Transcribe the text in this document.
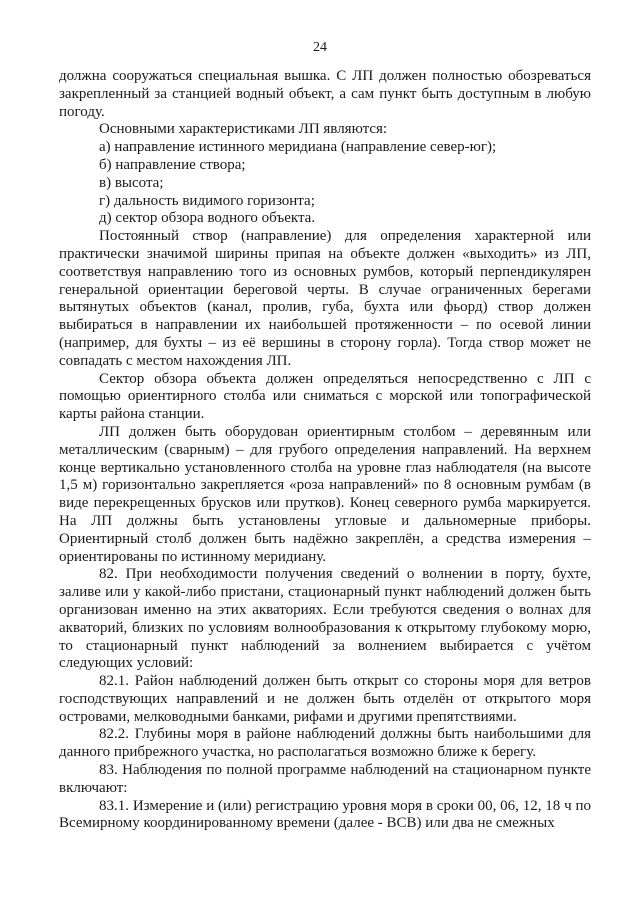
24

должна сооружаться специальная вышка. С ЛП должен полностью обозреваться закрепленный за станцией водный объект, а сам пункт быть доступным в любую погоду.

Основными характеристиками ЛП являются:

а) направление истинного меридиана (направление север-юг);

б) направление створа;

в) высота;

г) дальность видимого горизонта;

д) сектор обзора водного объекта.

Постоянный створ (направление) для определения характерной или практически значимой ширины припая на объекте должен «выходить» из ЛП, соответствуя направлению того из основных румбов, который перпендикулярен генеральной ориентации береговой черты. В случае ограниченных берегами вытянутых объектов (канал, пролив, губа, бухта или фьорд) створ должен выбираться в направлении их наибольшей протяженности – по осевой линии (например, для бухты – из её вершины в сторону горла). Тогда створ может не совпадать с местом нахождения ЛП.

Сектор обзора объекта должен определяться непосредственно с ЛП с помощью ориентирного столба или сниматься с морской или топографической карты района станции.

ЛП должен быть оборудован ориентирным столбом – деревянным или металлическим (сварным) – для грубого определения направлений. На верхнем конце вертикально установленного столба на уровне глаз наблюдателя (на высоте 1,5 м) горизонтально закрепляется «роза направлений» по 8 основным румбам (в виде перекрещенных брусков или прутков). Конец северного румба маркируется. На ЛП должны быть установлены угловые и дальномерные приборы. Ориентирный столб должен быть надёжно закреплён, а средства измерения – ориентированы по истинному меридиану.

82. При необходимости получения сведений о волнении в порту, бухте, заливе или у какой-либо пристани, стационарный пункт наблюдений должен быть организован именно на этих акваториях. Если требуются сведения о волнах для акваторий, близких по условиям волнообразования к открытому глубокому морю, то стационарный пункт наблюдений за волнением выбирается с учётом следующих условий:

82.1. Район наблюдений должен быть открыт со стороны моря для ветров господствующих направлений и не должен быть отделён от открытого моря островами, мелководными банками, рифами и другими препятствиями.

82.2. Глубины моря в районе наблюдений должны быть наибольшими для данного прибрежного участка, но располагаться возможно ближе к берегу.

83. Наблюдения по полной программе наблюдений на стационарном пункте включают:

83.1. Измерение и (или) регистрацию уровня моря в сроки 00, 06, 12, 18 ч по Всемирному координированному времени (далее - ВСВ) или два не смежных
